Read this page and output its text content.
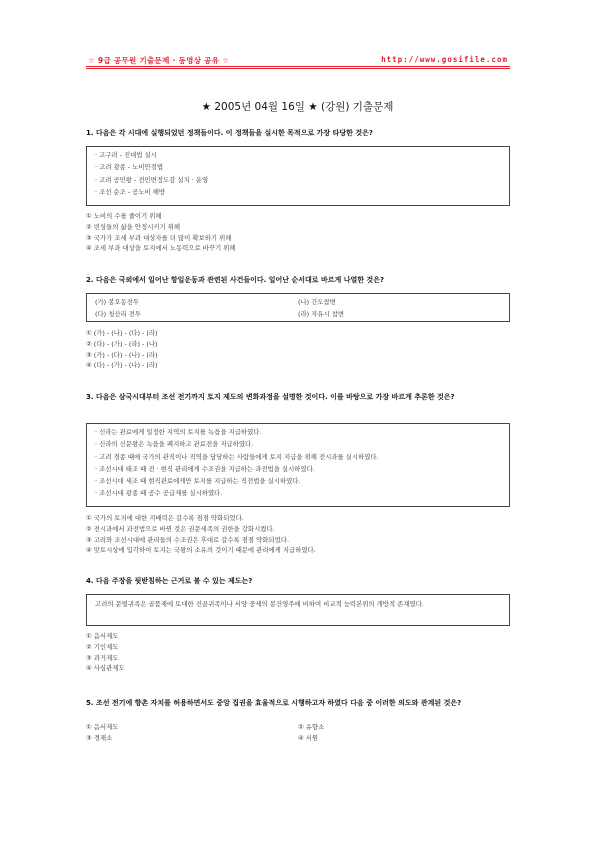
☆ 9급 공무원 기출문제 · 동영상 공유 ☆	http://www.gosifile.com
★ 2005년 04월 16일 ★ (강원) 기출문제
1. 다음은 각 시대에 실행되었던 정책들이다. 이 정책들을 실시한 목적으로 가장 타당한 것은?
· 고구려 - 진대법 실시
· 고려 광종 - 노비안검법
· 고려 공민왕 - 전민변정도감 설치 · 운영
· 조선 순조 - 공노비 해방
① 노비의 수를 줄이기 위해
② 빈성들의 삶을 안정시키기 위해
③ 국가가 조세 부과 대상자를 더 많이 확보하기 위해
④ 조세 부과 대상을 토지에서 노동력으로 바꾸기 위해
2. 다음은 국외에서 일어난 항일운동과 관련된 사건들이다. 일어난 순서대로 바르게 나열한 것은?
(가) 봉오동전투	(나) 간도참변
(다) 청산리 전투	(라) 자유시 참변
① (가) - (나) - (다) - (라)
② (다) - (가) - (라) - (나)
③ (가) - (다) - (나) - (라)
④ (다) - (가) - (나) - (라)
3. 다음은 삼국시대부터 조선 전기까지 토지 제도의 변화과정을 설명한 것이다. 이를 바탕으로 가장 바르게 추론한 것은?
· 신라는 관료에게 일정한 지역의 토지를 녹읍을 지급하였다.
· 신라의 신문왕은 녹읍을 폐지하고 관료전을 지급하였다.
· 고려 경종 때에 국가의 관직이나 직역을 담당하는 사람들에게 토지 지급을 위해 전시과를 실시하였다.
· 조선시대 태조 때 전 · 현직 관리에게 수조권을 지급하는 과전법을 실시하였다.
· 조선시대 세조 때 현직관료에게만 토지를 지급하는 직전법을 실시하였다.
· 조선시대 광종 때 공수 공급제를 실시하였다.
① 국가의 토지에 대한 지배력은 갈수록 점점 약화되었다.
② 전시과에서 과전법으로 바뀐 것은 권문세족의 권한을 강화시켰다.
③ 고려와 조선시대에 관리들의 수조권은 후대로 갈수록 점점 약화되었다.
④ 맞토시상에 입각하여 토지는 국왕의 소유의 것이기 때문에 관리에게 지급하였다.
4. 다음 주장을 뒷받침하는 근거로 볼 수 있는 제도는?
고려의 문벌귀족은 골품제에 토대한 진골귀족이나 서양 중세의 봉건영주에 비하여 비교적 능력본위의 개방적 존재였다.
① 음서제도
② 기인제도
③ 과거제도
④ 사심관제도
5. 조선 전기에 향촌 자치를 허용하면서도 중앙 집권을 효율적으로 시행하고자 하였다 다음 중 이러한 의도와 관계된 것은?
① 음서제도	② 유향소
③ 경재소	④ 서원
